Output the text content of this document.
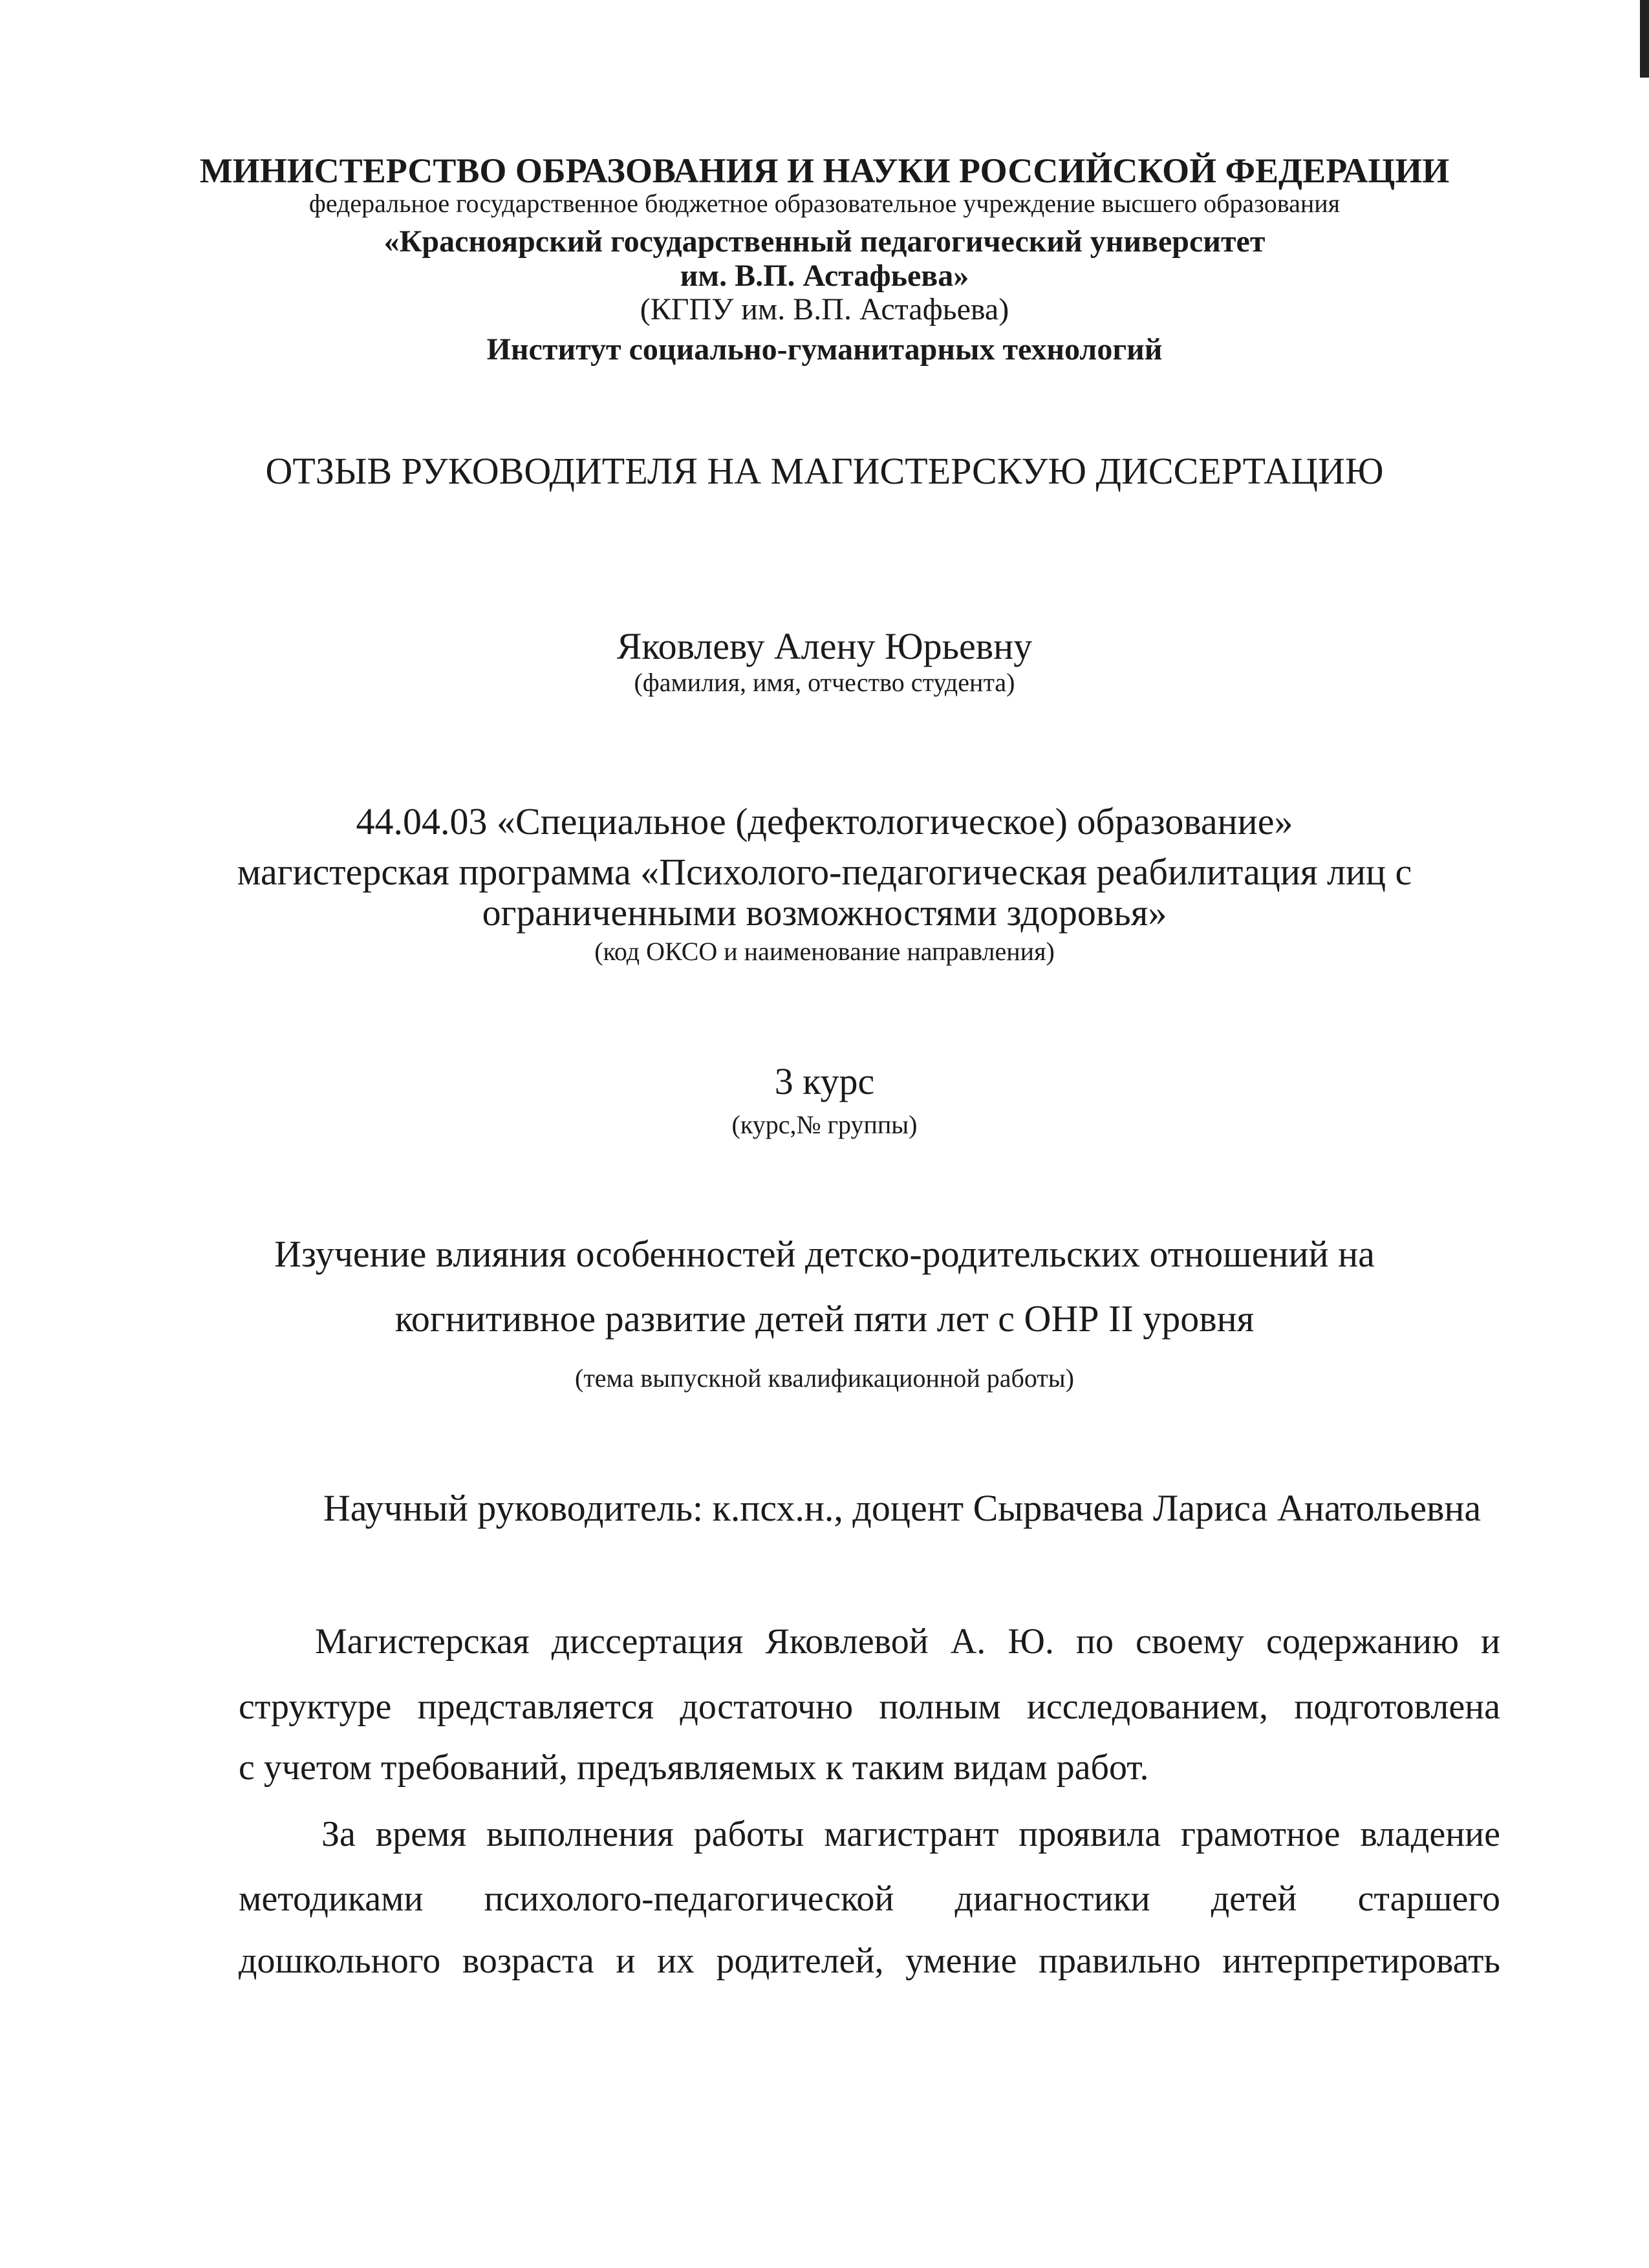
МИНИСТЕРСТВО ОБРАЗОВАНИЯ И НАУКИ РОССИЙСКОЙ ФЕДЕРАЦИИ
федеральное государственное бюджетное образовательное учреждение высшего образования
«Красноярский государственный педагогический университет
им. В.П. Астафьева»
(КГПУ им. В.П. Астафьева)
Институт социально-гуманитарных технологий
ОТЗЫВ РУКОВОДИТЕЛЯ НА МАГИСТЕРСКУЮ ДИССЕРТАЦИЮ
Яковлеву Алену Юрьевну
(фамилия, имя, отчество студента)
44.04.03 «Специальное (дефектологическое) образование»
магистерская программа «Психолого-педагогическая реабилитация лиц с
ограниченными возможностями здоровья»
(код ОКСО и наименование направления)
3 курс
(курс,№ группы)
Изучение влияния особенностей детско-родительских отношений на
когнитивное развитие детей пяти лет с ОНР II уровня
(тема выпускной квалификационной работы)
Научный руководитель: к.псх.н., доцент Сырвачева Лариса Анатольевна
Магистерская диссертация Яковлевой А. Ю. по своему содержанию и
структуре представляется достаточно полным исследованием, подготовлена
с учетом требований, предъявляемых к таким видам работ.
За время выполнения работы магистрант проявила грамотное владение
методиками психолого-педагогической диагностики детей старшего
дошкольного возраста и их родителей, умение правильно интерпретировать
